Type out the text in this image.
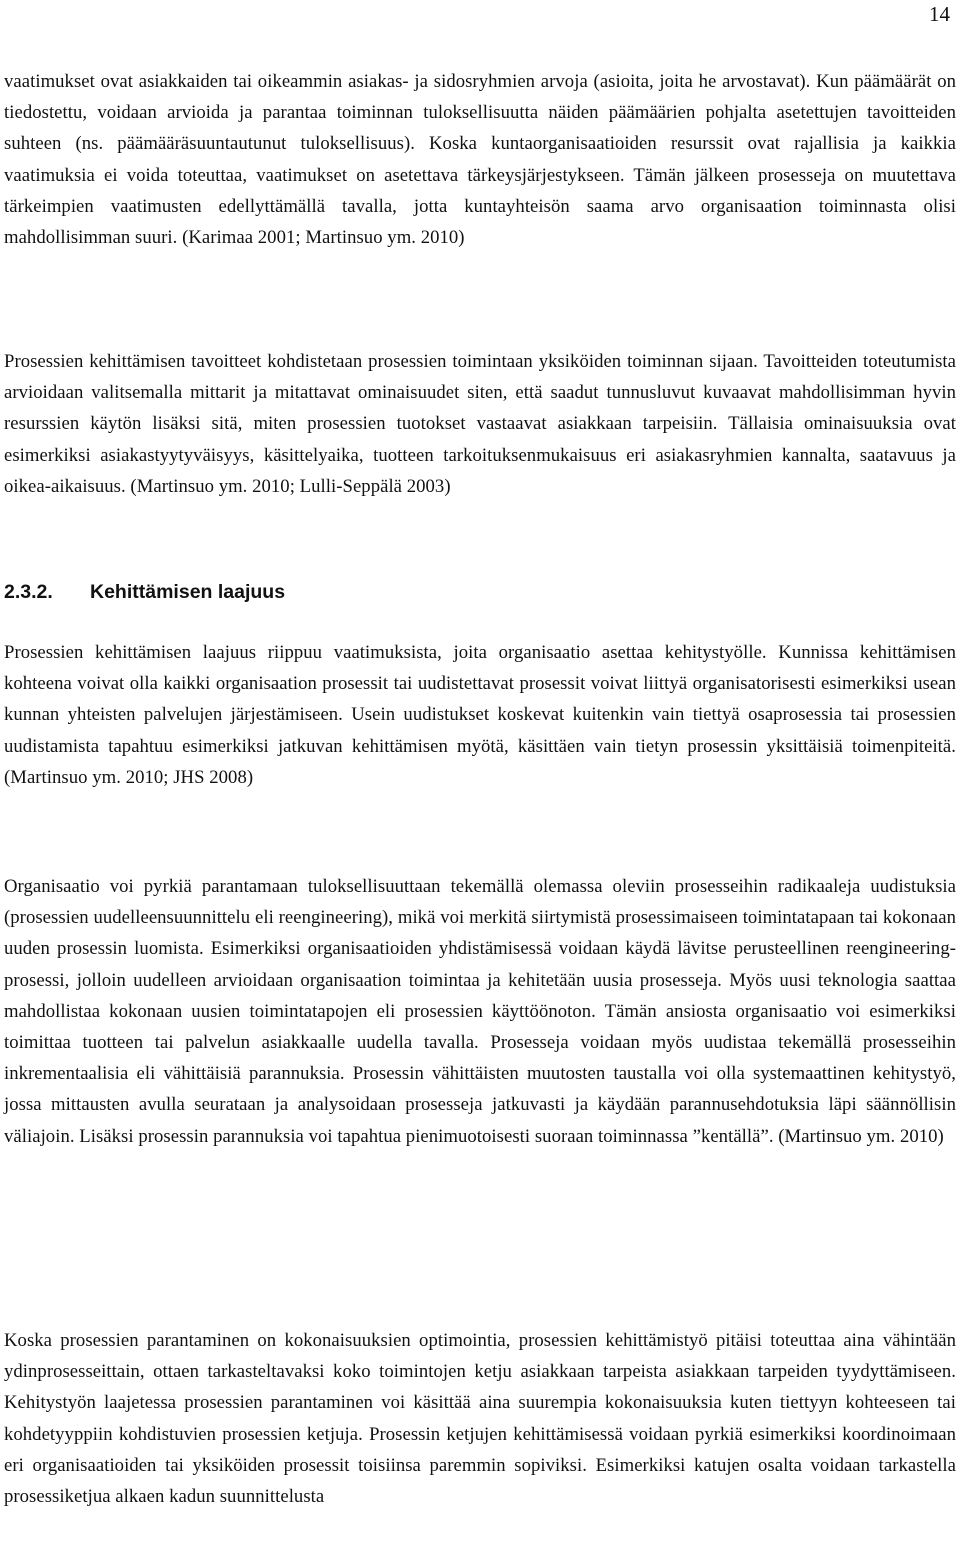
14

vaatimukset ovat asiakkaiden tai oikeammin asiakas- ja sidosryhmien arvoja (asioita, joita he arvostavat). Kun päämäärät on tiedostettu, voidaan arvioida ja parantaa toiminnan tuloksellisuutta näiden päämäärien pohjalta asetettujen tavoitteiden suhteen (ns. päämääräsuuntautunut tuloksellisuus). Koska kuntaorganisaatioiden resurssit ovat rajallisia ja kaikkia vaatimuksia ei voida toteuttaa, vaatimukset on asetettava tärkeysjärjestykseen. Tämän jälkeen prosesseja on muutettava tärkeimpien vaatimusten edellyttämällä tavalla, jotta kuntayhteisön saama arvo organisaation toiminnasta olisi mahdollisimman suuri. (Karimaa 2001; Martinsuo ym. 2010)

Prosessien kehittämisen tavoitteet kohdistetaan prosessien toimintaan yksiköiden toiminnan sijaan. Tavoitteiden toteutumista arvioidaan valitsemalla mittarit ja mitattavat ominaisuudet siten, että saadut tunnusluvut kuvaavat mahdollisimman hyvin resurssien käytön lisäksi sitä, miten prosessien tuotokset vastaavat asiakkaan tarpeisiin. Tällaisia ominaisuuksia ovat esimerkiksi asiakastyytyväisyys, käsittelyaika, tuotteen tarkoituksenmukaisuus eri asiakasryhmien kannalta, saatavuus ja oikea-aikaisuus. (Martinsuo ym. 2010; Lulli-Seppälä 2003)

2.3.2. Kehittämisen laajuus

Prosessien kehittämisen laajuus riippuu vaatimuksista, joita organisaatio asettaa kehitystyölle. Kunnissa kehittämisen kohteena voivat olla kaikki organisaation prosessit tai uudistettavat prosessit voivat liittyä organisatorisesti esimerkiksi usean kunnan yhteisten palvelujen järjestämiseen. Usein uudistukset koskevat kuitenkin vain tiettyä osaprosessia tai prosessien uudistamista tapahtuu esimerkiksi jatkuvan kehittämisen myötä, käsittäen vain tietyn prosessin yksittäisiä toimenpiteitä. (Martinsuo ym. 2010; JHS 2008)

Organisaatio voi pyrkiä parantamaan tuloksellisuuttaan tekemällä olemassa oleviin prosesseihin radikaaleja uudistuksia (prosessien uudelleensuunnittelu eli reengineering), mikä voi merkitä siirtymistä prosessimaiseen toimintatapaan tai kokonaan uuden prosessin luomista. Esimerkiksi organisaatioiden yhdistämisessä voidaan käydä lävitse perusteellinen reengineering-prosessi, jolloin uudelleen arvioidaan organisaation toimintaa ja kehitetään uusia prosesseja. Myös uusi teknologia saattaa mahdollistaa kokonaan uusien toimintatapojen eli prosessien käyttöönoton. Tämän ansiosta organisaatio voi esimerkiksi toimittaa tuotteen tai palvelun asiakkaalle uudella tavalla. Prosesseja voidaan myös uudistaa tekemällä prosesseihin inkrementaalisia eli vähittäisiä parannuksia. Prosessin vähittäisten muutosten taustalla voi olla systemaattinen kehitystyö, jossa mittausten avulla seurataan ja analysoidaan prosesseja jatkuvasti ja käydään parannusehdotuksia läpi säännöllisin väliajoin. Lisäksi prosessin parannuksia voi tapahtua pienimuotoisesti suoraan toiminnassa ”kentällä”. (Martinsuo ym. 2010)

Koska prosessien parantaminen on kokonaisuuksien optimointia, prosessien kehittämistyö pitäisi toteuttaa aina vähintään ydinprosesseittain, ottaen tarkasteltavaksi koko toimintojen ketju asiakkaan tarpeista asiakkaan tarpeiden tyydyttämiseen. Kehitystyön laajetessa prosessien parantaminen voi käsittää aina suurempia kokonaisuuksia kuten tiettyyn kohteeseen tai kohdetyyppiin kohdistuvien prosessien ketjuja. Prosessin ketjujen kehittämisessä voidaan pyrkiä esimerkiksi koordinoimaan eri organisaatioiden tai yksiköiden prosessit toisiinsa paremmin sopiviksi. Esimerkiksi katujen osalta voidaan tarkastella prosessiketjua alkaen kadun suunnittelusta
